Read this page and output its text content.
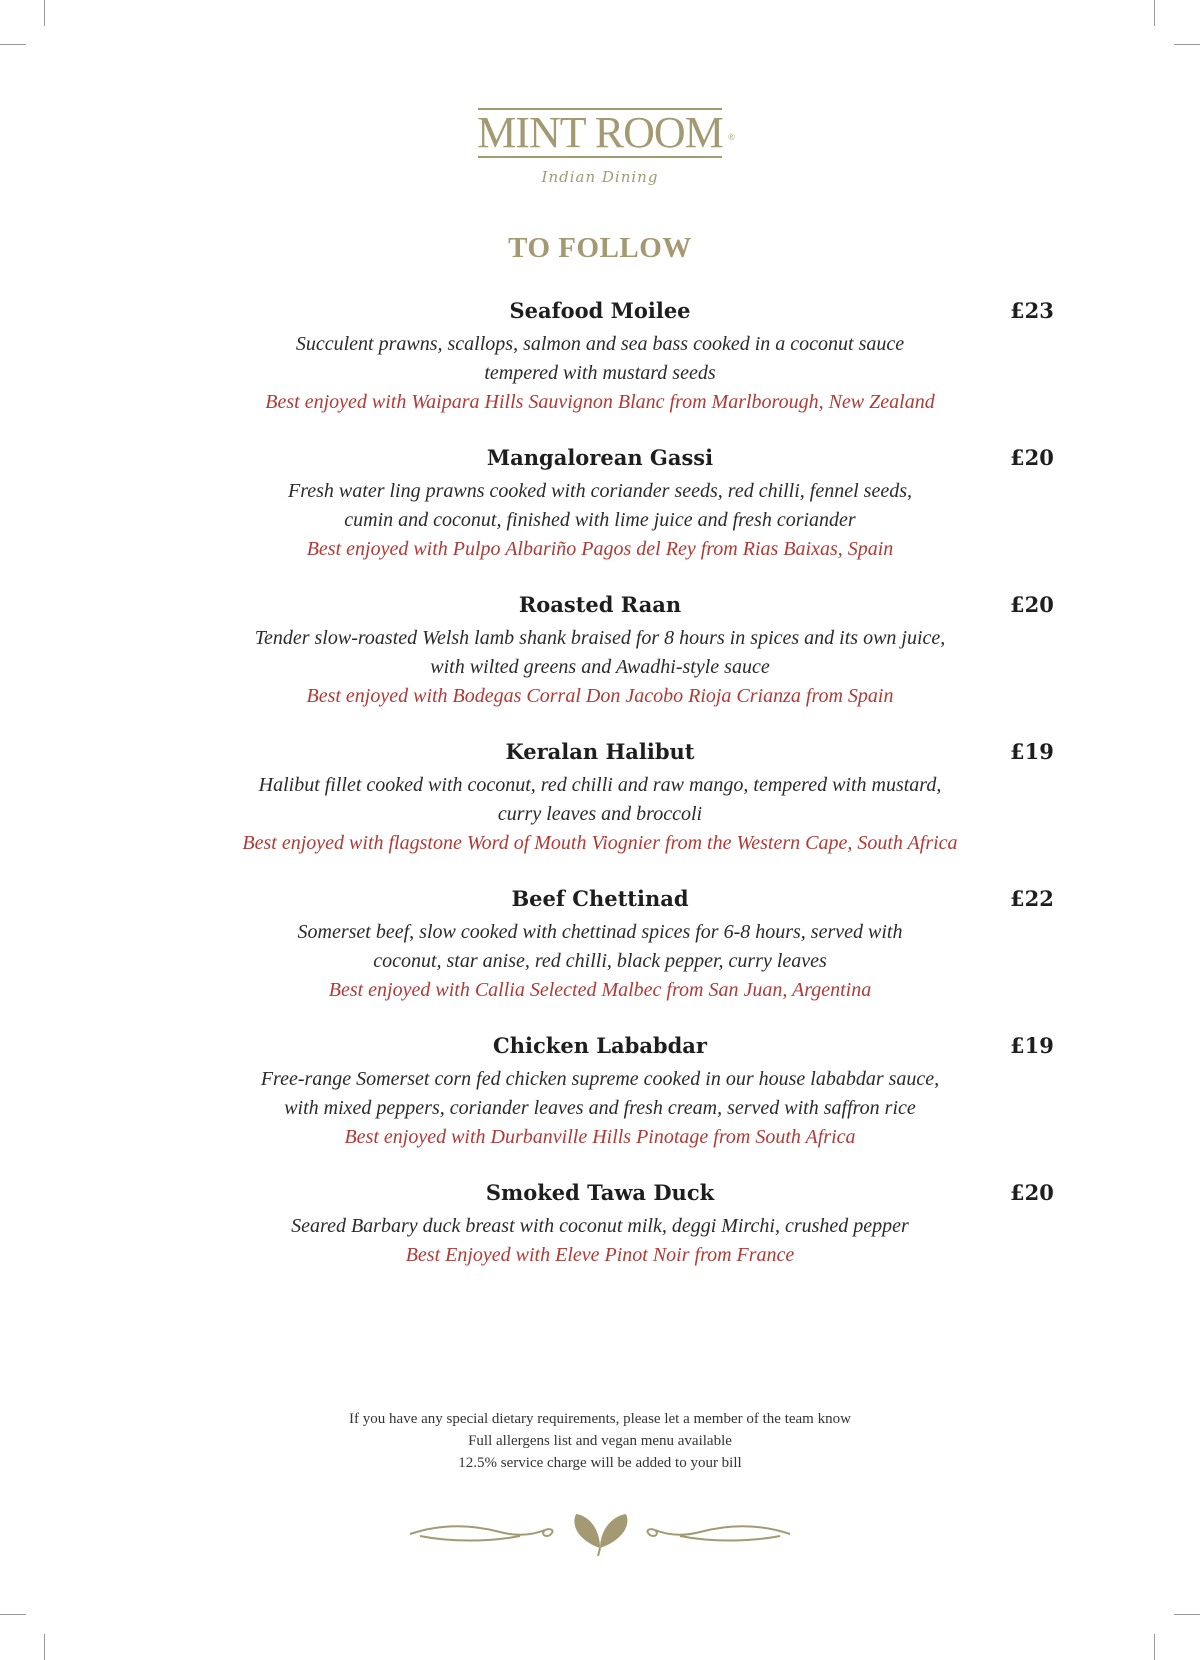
MINT ROOM ®
Indian Dining
TO FOLLOW
Seafood Moilee	£23
Succulent prawns, scallops, salmon and sea bass cooked in a coconut sauce
tempered with mustard seeds
Best enjoyed with Waipara Hills Sauvignon Blanc from Marlborough, New Zealand
Mangalorean Gassi	£20
Fresh water ling prawns cooked with coriander seeds, red chilli, fennel seeds,
cumin and coconut, finished with lime juice and fresh coriander
Best enjoyed with Pulpo Albariño Pagos del Rey from Rias Baixas, Spain
Roasted Raan	£20
Tender slow-roasted Welsh lamb shank braised for 8 hours in spices and its own juice,
with wilted greens and Awadhi-style sauce
Best enjoyed with Bodegas Corral Don Jacobo Rioja Crianza from Spain
Keralan Halibut	£19
Halibut fillet cooked with coconut, red chilli and raw mango, tempered with mustard,
curry leaves and broccoli
Best enjoyed with flagstone Word of Mouth Viognier from the Western Cape, South Africa
Beef Chettinad	£22
Somerset beef, slow cooked with chettinad spices for 6-8 hours, served with
coconut, star anise, red chilli, black pepper, curry leaves
Best enjoyed with Callia Selected Malbec from San Juan, Argentina
Chicken Lababdar	£19
Free-range Somerset corn fed chicken supreme cooked in our house lababdar sauce,
with mixed peppers, coriander leaves and fresh cream, served with saffron rice
Best enjoyed with Durbanville Hills Pinotage from South Africa
Smoked Tawa Duck	£20
Seared Barbary duck breast with coconut milk, deggi Mirchi, crushed pepper
Best Enjoyed with Eleve Pinot Noir from France
If you have any special dietary requirements, please let a member of the team know
Full allergens list and vegan menu available
12.5% service charge will be added to your bill
